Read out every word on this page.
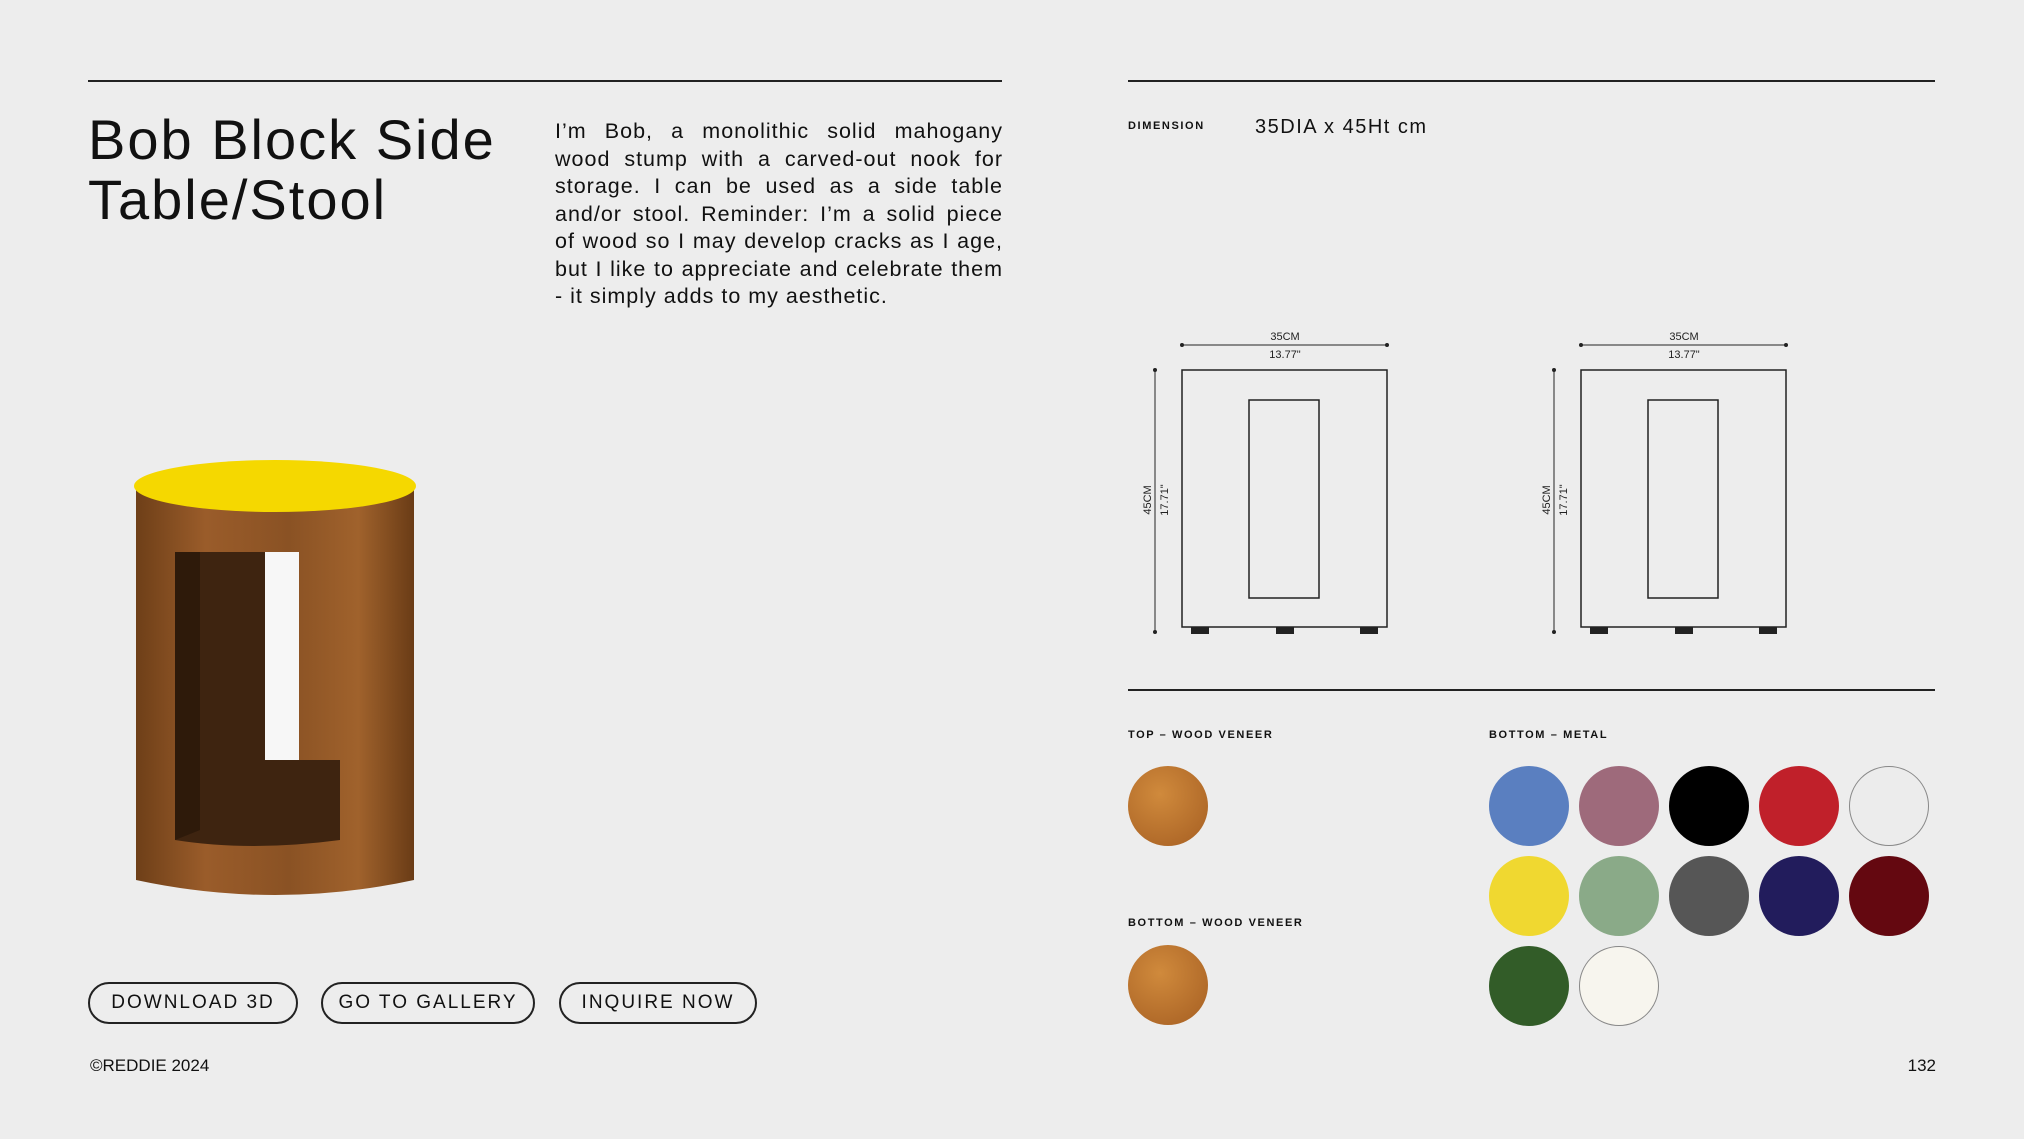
Bob Block Side
Table/Stool
I’m Bob, a monolithic solid mahogany wood stump with a carved-out nook for storage. I can be used as a side table and/or stool. Reminder: I’m a solid piece of wood so I may develop cracks as I age, but I like to appreciate and celebrate them - it simply adds to my aesthetic.
DIMENSION	35DIA x 45Ht cm
35CM
13.77"
45CM 17.71"
35CM
13.77"
45CM 17.71"
TOP – WOOD VENEER
BOTTOM – WOOD VENEER
BOTTOM – METAL
DOWNLOAD 3D	GO TO GALLERY	INQUIRE NOW
©REDDIE 2024	132
